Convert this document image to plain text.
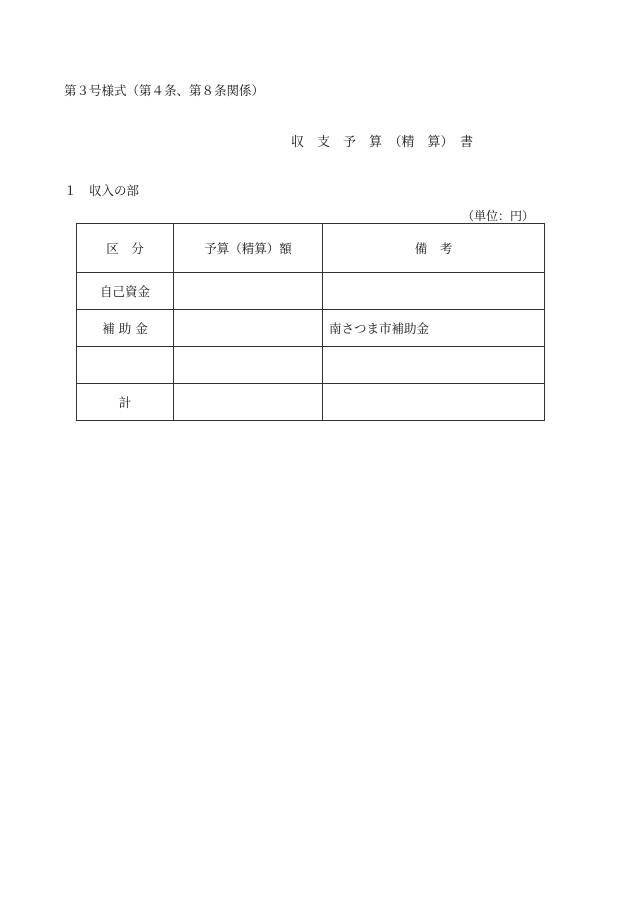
第３号様式（第４条、第８条関係）
収　支　予　算　（精　算）　書
１　収入の部
（単位：円）
区　分	予算（精算）額	備　考
自己資金		
補 助 金		南さつま市補助金

計		
